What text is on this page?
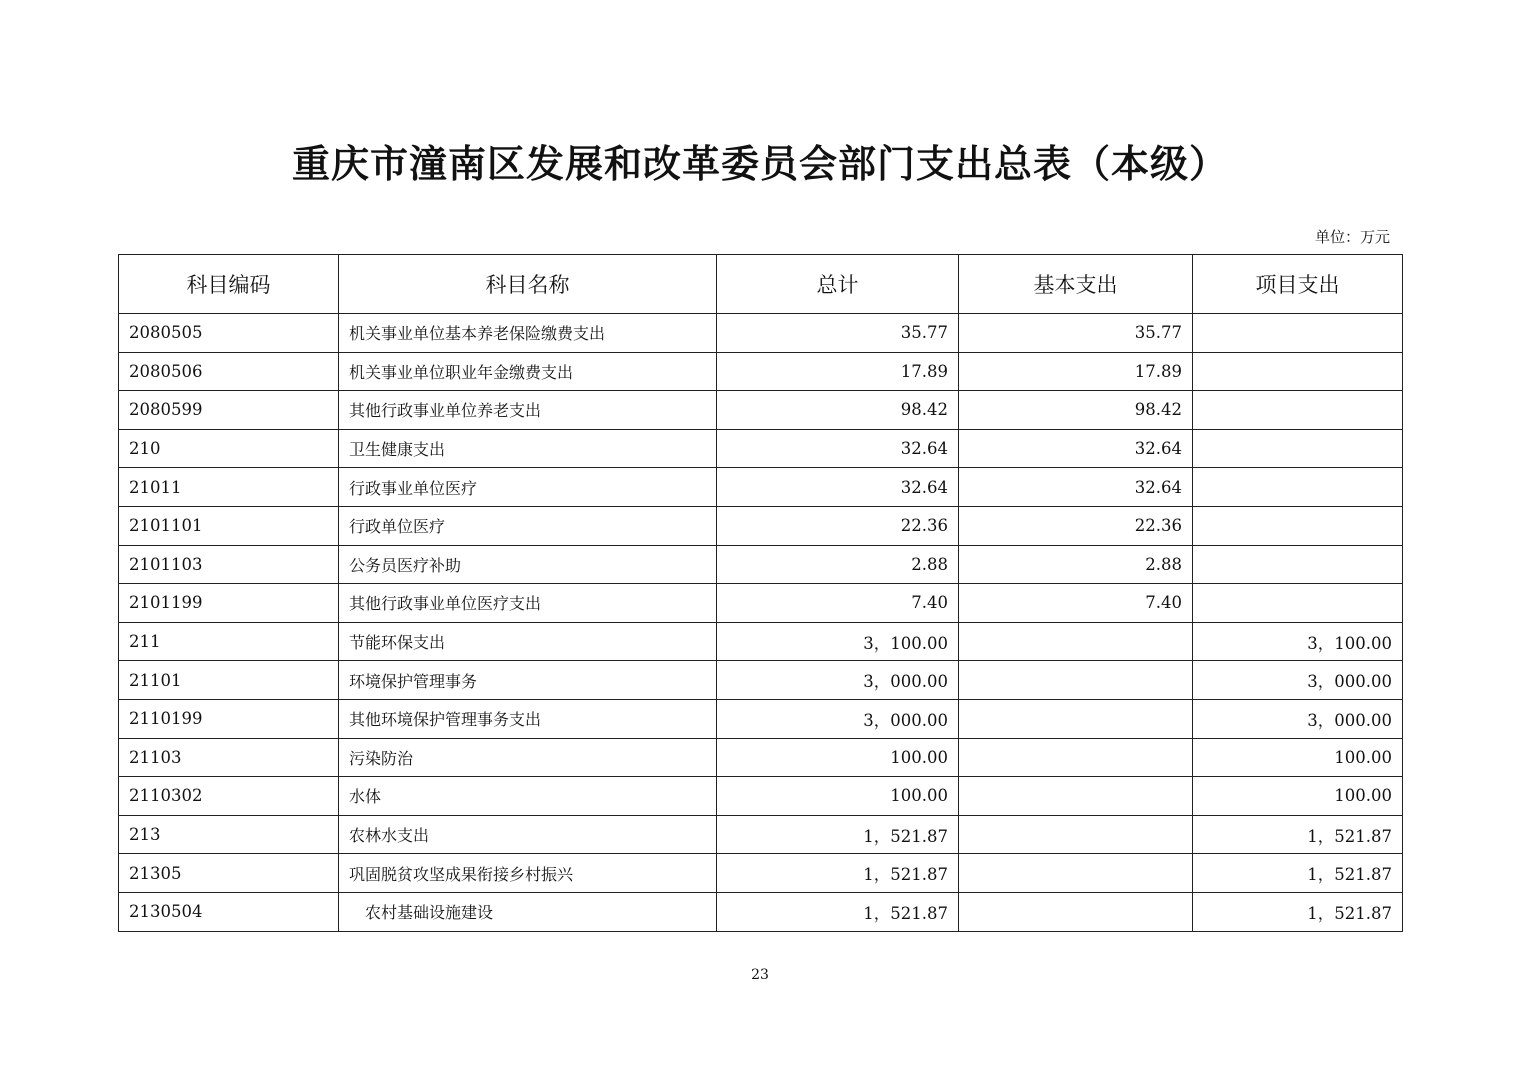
重庆市潼南区发展和改革委员会部门支出总表（本级）
单位：万元
科目编码	科目名称	总计	基本支出	项目支出
2080505	机关事业单位基本养老保险缴费支出	35.77	35.77	
2080506	机关事业单位职业年金缴费支出	17.89	17.89	
2080599	其他行政事业单位养老支出	98.42	98.42	
210	卫生健康支出	32.64	32.64	
21011	行政事业单位医疗	32.64	32.64	
2101101	行政单位医疗	22.36	22.36	
2101103	公务员医疗补助	2.88	2.88	
2101199	其他行政事业单位医疗支出	7.40	7.40	
211	节能环保支出	3，100.00		3，100.00
21101	环境保护管理事务	3，000.00		3，000.00
2110199	其他环境保护管理事务支出	3，000.00		3，000.00
21103	污染防治	100.00		100.00
2110302	水体	100.00		100.00
213	农林水支出	1，521.87		1，521.87
21305	巩固脱贫攻坚成果衔接乡村振兴	1，521.87		1，521.87
2130504	　农村基础设施建设	1，521.87		1，521.87
23
